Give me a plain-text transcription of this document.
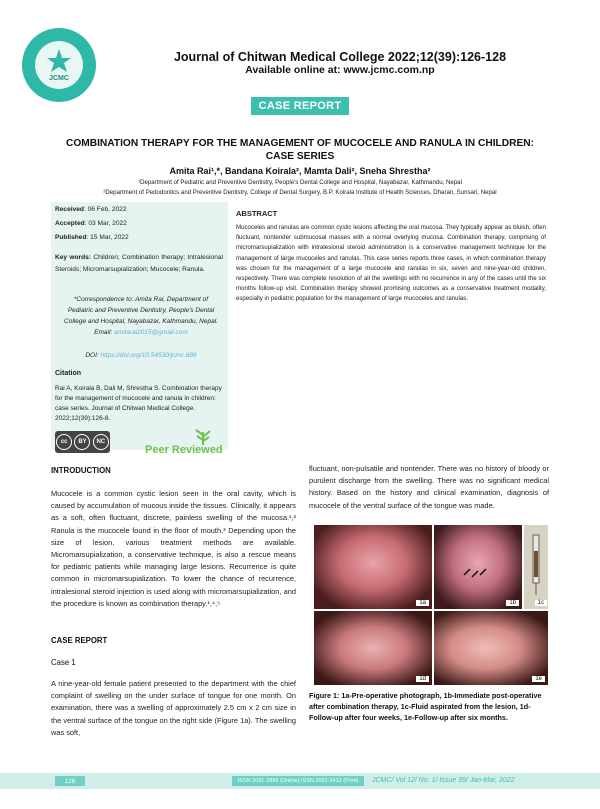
JCMC
Journal of Chitwan Medical College 2022;12(39):126-128
Available online at: www.jcmc.com.np
CASE REPORT
COMBINATION THERAPY FOR THE MANAGEMENT OF MUCOCELE AND RANULA IN CHILDREN: CASE SERIES
Amita Rai¹,*, Bandana Koirala², Mamta Dali², Sneha Shrestha²
¹Department of Pediatric and Preventive Dentistry, People's Dental College and Hospital, Nayabazar, Kathmandu, Nepal
²Department of Pedodontics and Preventive Dentistry, College of Dental Surgery, B.P. Koirala Institute of Health Sciences, Dharan, Sunsari, Nepal
Received: 06 Feb, 2022
Accepted: 03 Mar, 2022
Published: 15 Mar, 2022
Key words: Children; Combination therapy; Intralesional Steroids; Micromarsupialization; Mucocele; Ranula.
*Correspondence to: Amita Rai, Department of Pediatric and Preventive Dentistry, People's Dental College and Hospital, Nayabazar, Kathmandu, Nepal.
Email: amitarai2015@gmail.com
DOI: https://doi.org/10.54530/jcmc.686
Citation
Rai A, Koirala B, Dali M, Shrestha S. Combination therapy for the management of mucocele and ranula in children: case series. Journal of Chitwan Medical College. 2022;12(39):126-8.
cc	BY	NC
Peer Reviewed
ABSTRACT
Mucoceles and ranulas are common cystic lesions affecting the oral mucosa. They typically appear as bluish, often fluctuant, nontender submucosal masses with a normal overlying mucosa. Combination therapy, comprising of micromarsupialization with intralesional steroid administration is a conservative management technique for the management of large mucoceles and ranulas. This case series reports three cases, in which combination therapy was chosen for the management of a large mucocele and ranulas in six, seven and nine-year-old children, respectively. There was complete resolution of all the swellings with no recurrence in any of the cases until the six months follow-up visit. Combination therapy showed promising outcomes as a conservative treatment modality, especially in pediatric population for the management of large mucoceles and ranulas.
INTRODUCTION
Mucocele is a common cystic lesion seen in the oral cavity, which is caused by accumulation of mucous inside the tissues. Clinically, it appears as a soft, often fluctuant, discrete, painless swelling of the mucosa.¹,² Ranula is the mucocele found in the floor of mouth.³ Depending upon the size of lesion, various treatment methods are available. Micromarsupialization, a conservative technique, is also a rescue means for pediatric patients while managing large lesions. Recurrence is quite common in micromarsupialization. To lower the chance of recurrence, intralesional steroid injection is used along with micromarsupialization, and the procedure is known as combination therapy.¹,⁴,⁵
CASE REPORT
Case 1
A nine-year-old female patient presented to the department with the chief complaint of swelling on the under surface of tongue for one month. On examination, there was a swelling of approximately 2.5 cm x 2 cm size in the ventral surface of the tongue on the right side (Figure 1a). The swelling was soft,
fluctuant, non-pulsatile and nontender. There was no history of bloody or purulent discharge from the swelling. There was no significant medical history. Based on the history and clinical examination, diagnosis of mucocele of the ventral surface of the tongue was made.
1a	1b	1c
1d	1e
Figure 1: 1a-Pre-operative photograph, 1b-Immediate post-operative after combination therapy, 1c-Fluid aspirated from the lesion, 1d-Follow-up after four weeks, 1e-Follow-up after six months.
126	ISSN 2091-2889 (Online) ISSN 2091-2412 (Print)	JCMC/ Vol 12/ No. 1/ Issue 39/ Jan-Mar, 2022
